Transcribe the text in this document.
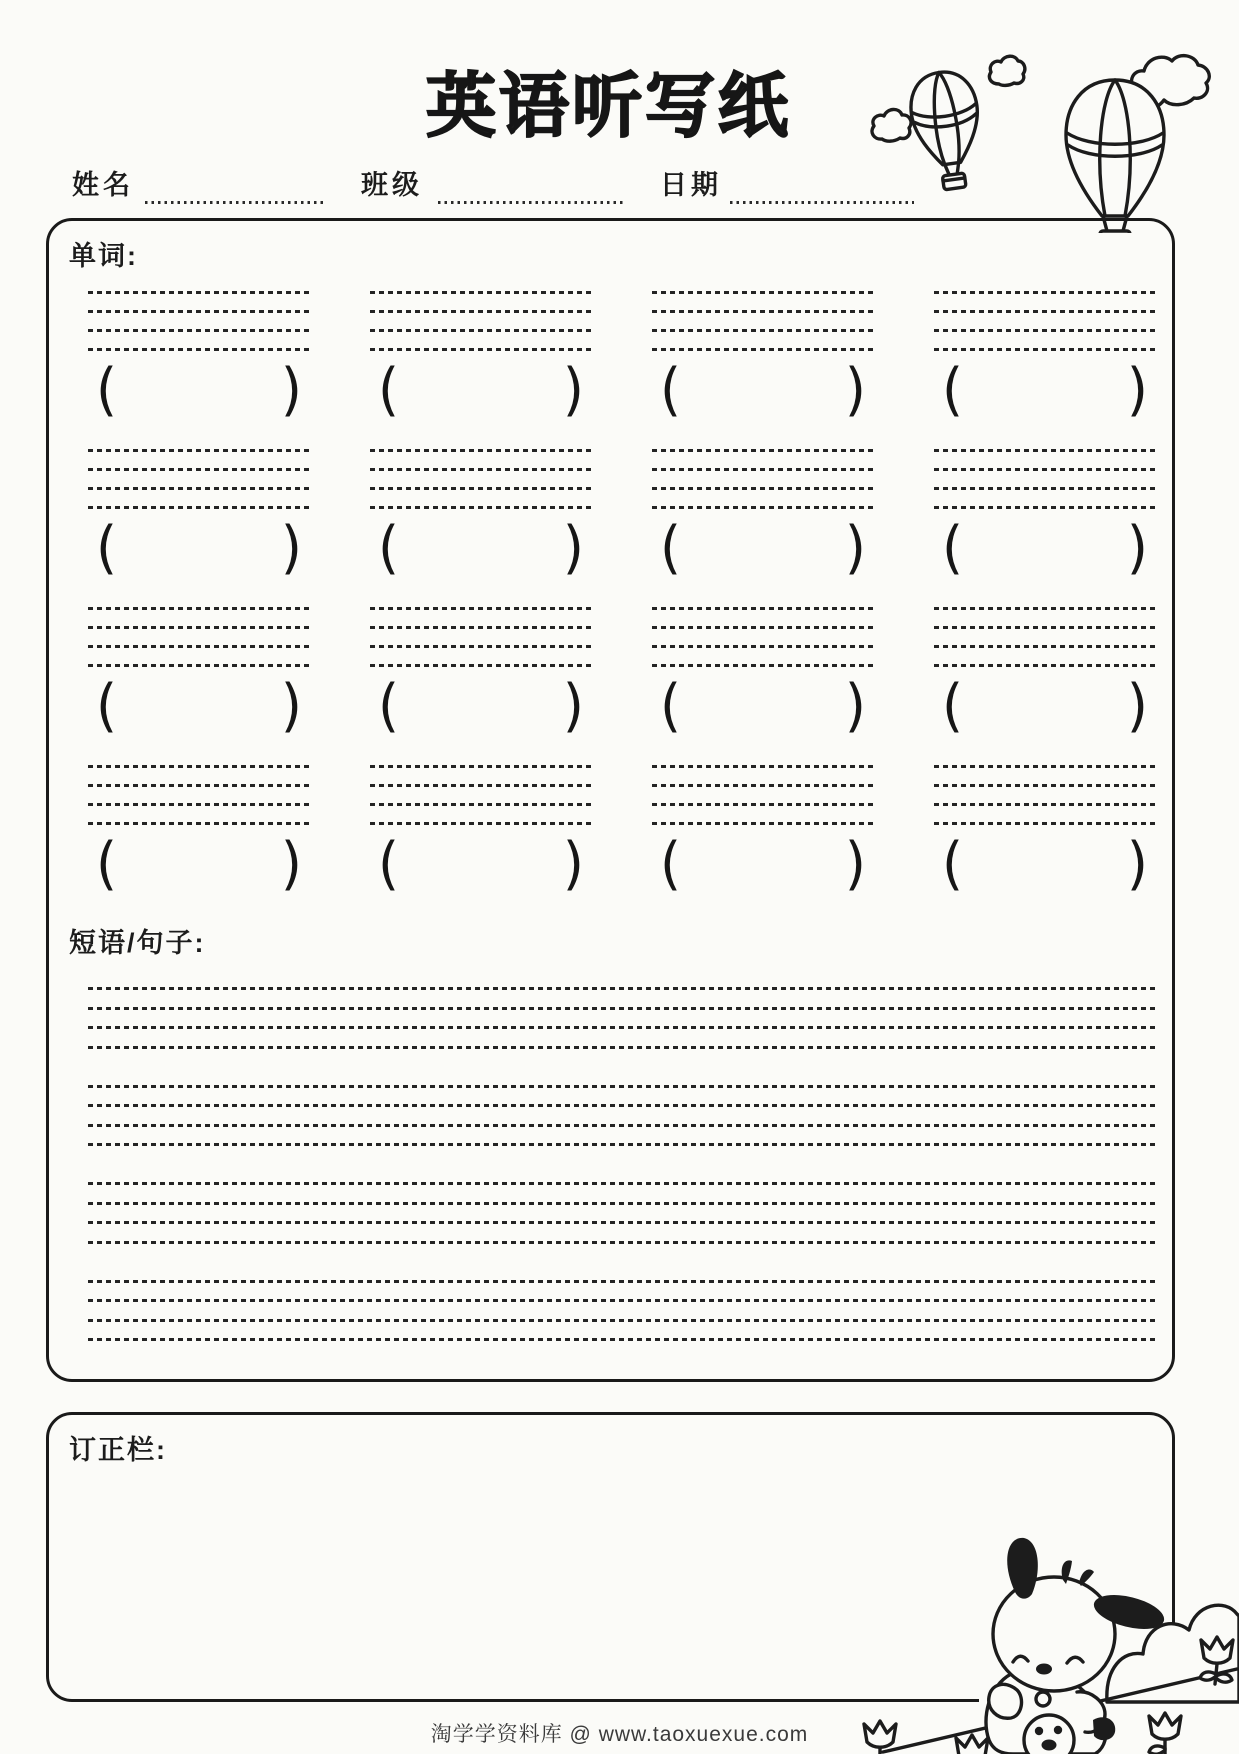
英语听写纸
姓名	班级	日期
单词:
(	) (	) (	) (	)
(	) (	) (	) (	)
(	) (	) (	) (	)
(	) (	) (	) (	)
短语/句子:
订正栏:
淘学学资料库 @ www.taoxuexue.com
